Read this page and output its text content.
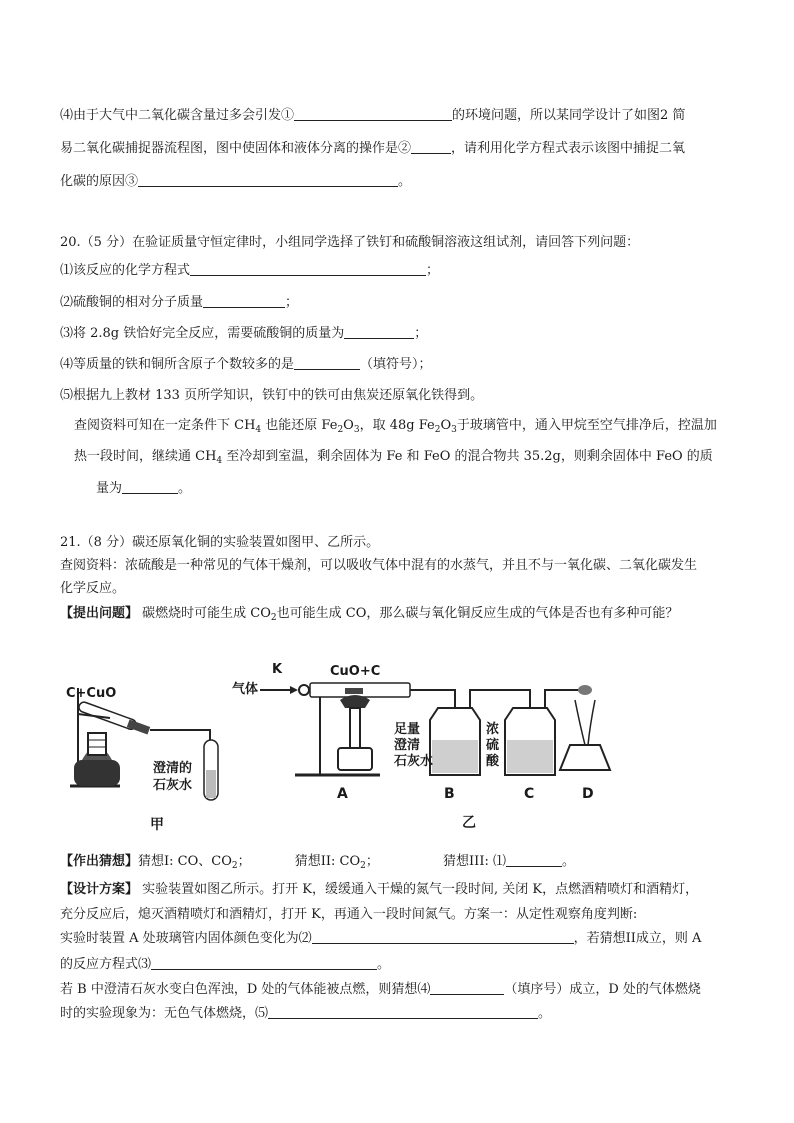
⑷由于大气中二氧化碳含量过多会引发①	的环境问题，所以某同学设计了如图2 简
易二氧化碳捕捉器流程图，图中使固体和液体分离的操作是②	，请利用化学方程式表示该图中捕捉二氧
化碳的原因③	。
20.（5 分）在验证质量守恒定律时，小组同学选择了铁钉和硫酸铜溶液这组试剂，请回答下列问题：
⑴该反应的化学方程式	；
⑵硫酸铜的相对分子质量	；
⑶将 2.8g 铁恰好完全反应，需要硫酸铜的质量为	；
⑷等质量的铁和铜所含原子个数较多的是	（填符号）；
⑸根据九上教材 133 页所学知识，铁钉中的铁可由焦炭还原氧化铁得到。
查阅资料可知在一定条件下 $CH_4$ 也能还原 $Fe_2O_3$，取 48g $Fe_2O_3$于玻璃管中，通入甲烷至空气排净后，控温加
热一段时间，继续通 $CH_4$ 至冷却到室温，剩余固体为 Fe 和 FeO 的混合物共 35.2g，则剩余固体中 FeO 的质
量为	。
21.（8 分）碳还原氧化铜的实验装置如图甲、乙所示。
查阅资料：浓硫酸是一种常见的气体干燥剂，可以吸收气体中混有的水蒸气，并且不与一氧化碳、二氧化碳发生
化学反应。
【提出问题】 碳燃烧时可能生成 $CO_2$也可能生成 CO，那么碳与氧化铜反应生成的气体是否也有多种可能？
C+CuO
澄清的
石灰水
甲
气体
K	CuO+C
足量
澄清
石灰水
浓
硫
酸
A	B	C	D
乙
【作出猜想】猜想I: CO、$CO_2$；	猜想II: $CO_2$；	猜想III: ⑴	。
【设计方案】 实验装置如图乙所示。打开 K，缓缓通入干燥的氮气一段时间, 关闭 K，点燃酒精喷灯和酒精灯，
充分反应后，熄灭酒精喷灯和酒精灯，打开 K，再通入一段时间氮气。方案一：从定性观察角度判断:
实验时装置 A 处玻璃管内固体颜色变化为⑵	，若猜想II成立，则 A
的反应方程式⑶	。
若 B 中澄清石灰水变白色浑浊，D 处的气体能被点燃，则猜想⑷	（填序号）成立，D 处的气体燃烧
时的实验现象为：无色气体燃烧，⑸	。
